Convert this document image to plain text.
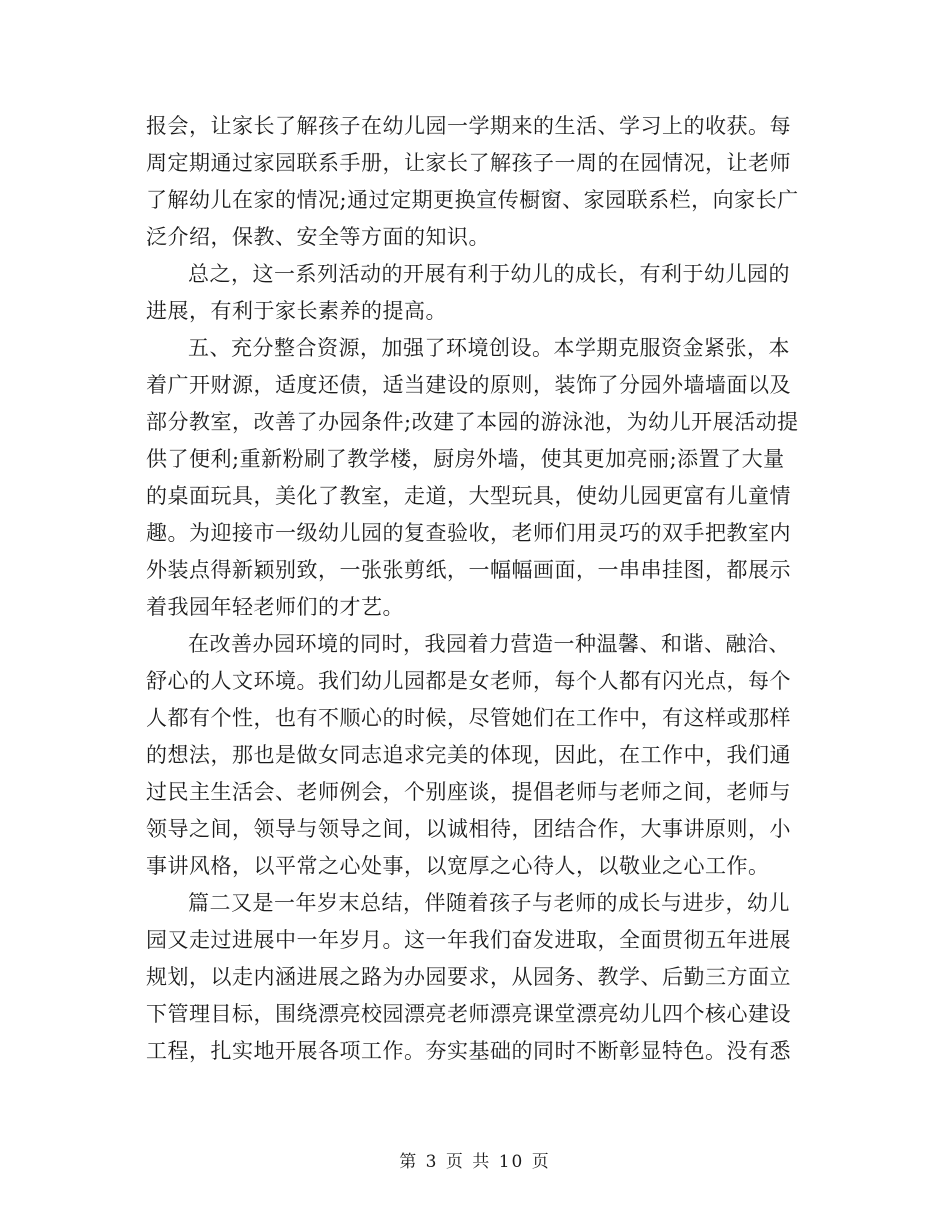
报会，让家长了解孩子在幼儿园一学期来的生活、学习上的收获。每
周定期通过家园联系手册，让家长了解孩子一周的在园情况，让老师
了解幼儿在家的情况;通过定期更换宣传橱窗、家园联系栏，向家长广
泛介绍，保教、安全等方面的知识。
总之，这一系列活动的开展有利于幼儿的成长，有利于幼儿园的
进展，有利于家长素养的提高。
五、充分整合资源，加强了环境创设。本学期克服资金紧张，本
着广开财源，适度还债，适当建设的原则，装饰了分园外墙墙面以及
部分教室，改善了办园条件;改建了本园的游泳池，为幼儿开展活动提
供了便利;重新粉刷了教学楼，厨房外墙，使其更加亮丽;添置了大量
的桌面玩具，美化了教室，走道，大型玩具，使幼儿园更富有儿童情
趣。为迎接市一级幼儿园的复查验收，老师们用灵巧的双手把教室内
外装点得新颖别致，一张张剪纸，一幅幅画面，一串串挂图，都展示
着我园年轻老师们的才艺。
在改善办园环境的同时，我园着力营造一种温馨、和谐、融洽、
舒心的人文环境。我们幼儿园都是女老师，每个人都有闪光点，每个
人都有个性，也有不顺心的时候，尽管她们在工作中，有这样或那样
的想法，那也是做女同志追求完美的体现，因此，在工作中，我们通
过民主生活会、老师例会，个别座谈，提倡老师与老师之间，老师与
领导之间，领导与领导之间，以诚相待，团结合作，大事讲原则，小
事讲风格，以平常之心处事，以宽厚之心待人，以敬业之心工作。
篇二又是一年岁末总结，伴随着孩子与老师的成长与进步，幼儿
园又走过进展中一年岁月。这一年我们奋发进取，全面贯彻五年进展
规划，以走内涵进展之路为办园要求，从园务、教学、后勤三方面立
下管理目标，围绕漂亮校园漂亮老师漂亮课堂漂亮幼儿四个核心建设
工程，扎实地开展各项工作。夯实基础的同时不断彰显特色。没有悉
第 3 页 共 10 页
